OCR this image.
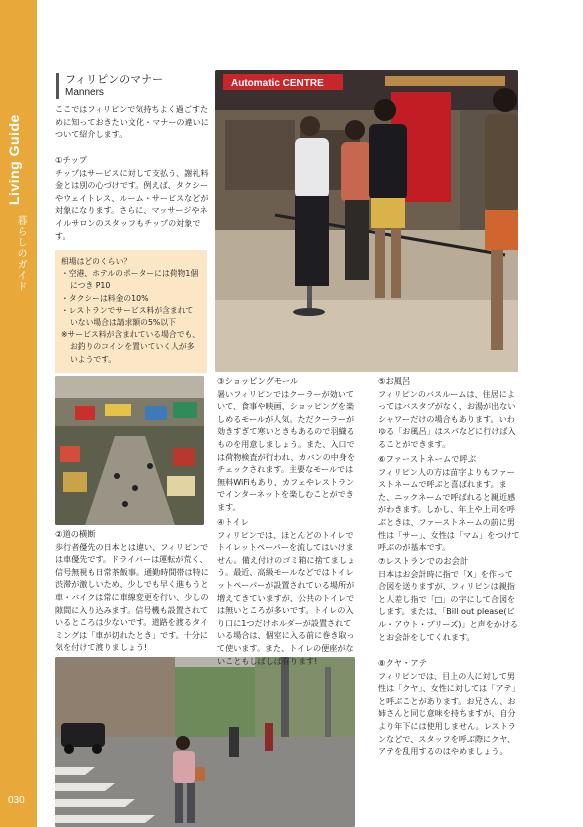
Living Guide
暮らしのガイド
030
フィリピンのマナー
Manners

ここではフィリピンで気持ちよく過ごすために知っておきたい文化・マナーの違いについて紹介します。

①チップ

チップはサービスに対して支払う、謝礼料金とは別の心づけです。例えば、タクシーやウェイトレス、ルーム・サービスなどが対象になります。さらに、マッサージやネイルサロンのスタッフもチップの対象です。

相場はどのくらい？
・空港、ホテルのポーターには荷物1個につき P10
・タクシーは料金の10%
・レストランでサービス料が含まれていない場合は請求額の5%以下
※サービス料が含まれている場合でも、お釣りのコインを置いていく人が多いようです。
Automatic CENTRE
②道の横断

歩行者優先の日本とは違い、フィリピンでは車優先です。ドライバーは運転が荒く、信号無視も日常茶飯事。通勤時間帯は特に渋滞が激しいため、少しでも早く進もうと車・バイクは常に車線変更を行い、少しの隙間に入り込みます。信号機も設置されているところは少ないです。道路を渡るタイミングは「車が切れたとき」です。十分に気を付けて渡りましょう!

③ショッピングモール

暑いフィリピンではクーラーが効いていて、食事や映画、ショッピングを楽しめるモールが人気。ただクーラーが効きすぎて寒いときもあるので羽織るものを用意しましょう。また、入口では荷物検査が行われ、カバンの中身をチェックされます。主要なモールでは無料WiFiもあり、カフェやレストランでインターネットを楽しむことができます。

④トイレ

フィリピンでは、ほとんどのトイレでトイレットペーパーを流してはいけません。備え付けのゴミ箱に捨てましょう。最近、高級モールなどではトイレットペーパーが設置されている場所が増えてきていますが、公共のトイレでは無いところが多いです。トイレの入り口に1つだけホルダーが設置されている場合は、個室に入る前に巻き取って使います。また、トイレの便座がないこともしばしば有ります!

⑤お風呂

フィリピンのバスルームは、住居によってはバスタブがなく、お湯が出ないシャワーだけの場合もあります。いわゆる「お風呂」はスパなどに行けば入ることができます。

⑥ファーストネームで呼ぶ

フィリピン人の方は苗字よりもファーストネームで呼ぶと喜ばれます。また、ニックネームで呼ばれると親近感がわきます。しかし、年上や上司を呼ぶときは、ファーストネームの前に男性は「サー」、女性は「マム」をつけて呼ぶのが基本です。

⑦レストランでのお会計

日本はお会計時に指で「X」を作って合図を送りますが、フィリピンは親指と人差し指で「□」の字にして合図をします。または、「Bill out please(ビル・アウト・プリーズ)」と声をかけるとお会計をしてくれます。

⑧クヤ・アテ

フィリピンでは、目上の人に対して男性は「クヤ」、女性に対しては「アテ」と呼ぶことがあります。お兄さん、お姉さんと同じ意味を持ちますが、自分より年下には使用しません。レストランなどで、スタッフを呼ぶ際にクヤ、アテを乱用するのはやめましょう。
